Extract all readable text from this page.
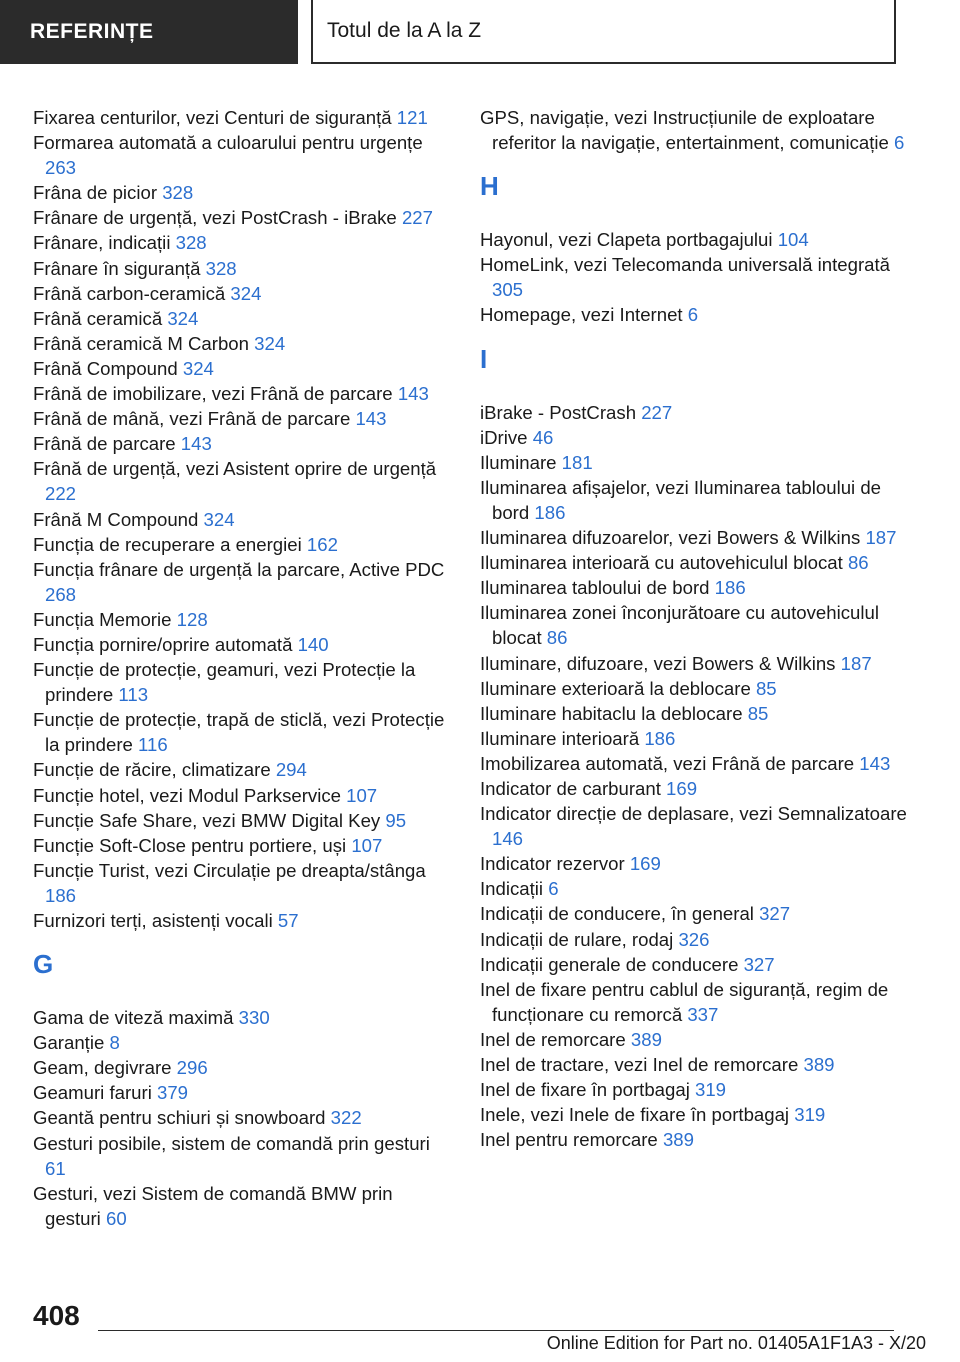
REFERINȚE	Totul de la A la Z
Fixarea centurilor, vezi Centuri de siguranță 121
Formarea automată a culoarului pentru urgențe 263
Frâna de picior 328
Frânare de urgență, vezi PostCrash - iBrake 227
Frânare, indicații 328
Frânare în siguranță 328
Frână carbon-ceramică 324
Frână ceramică 324
Frână ceramică M Carbon 324
Frână Compound 324
Frână de imobilizare, vezi Frână de parcare 143
Frână de mână, vezi Frână de parcare 143
Frână de parcare 143
Frână de urgență, vezi Asistent oprire de urgență 222
Frână M Compound 324
Funcția de recuperare a energiei 162
Funcția frânare de urgență la parcare, Active PDC 268
Funcția Memorie 128
Funcția pornire/oprire automată 140
Funcție de protecție, geamuri, vezi Protecție la prindere 113
Funcție de protecție, trapă de sticlă, vezi Protecție la prindere 116
Funcție de răcire, climatizare 294
Funcție hotel, vezi Modul Parkservice 107
Funcție Safe Share, vezi BMW Digital Key 95
Funcție Soft-Close pentru portiere, uși 107
Funcție Turist, vezi Circulație pe dreapta/stânga 186
Furnizori terți, asistenți vocali 57
G
Gama de viteză maximă 330
Garanție 8
Geam, degivrare 296
Geamuri faruri 379
Geantă pentru schiuri și snowboard 322
Gesturi posibile, sistem de comandă prin gesturi 61
Gesturi, vezi Sistem de comandă BMW prin gesturi 60
GPS, navigație, vezi Instrucțiunile de exploatare referitor la navigație, entertainment, comunicație 6
H
Hayonul, vezi Clapeta portbagajului 104
HomeLink, vezi Telecomanda universală integrată 305
Homepage, vezi Internet 6
I
iBrake - PostCrash 227
iDrive 46
Iluminare 181
Iluminarea afișajelor, vezi Iluminarea tabloului de bord 186
Iluminarea difuzoarelor, vezi Bowers & Wilkins 187
Iluminarea interioară cu autovehiculul blocat 86
Iluminarea tabloului de bord 186
Iluminarea zonei înconjurătoare cu autovehiculul blocat 86
Iluminare, difuzoare, vezi Bowers & Wilkins 187
Iluminare exterioară la deblocare 85
Iluminare habitaclu la deblocare 85
Iluminare interioară 186
Imobilizarea automată, vezi Frână de parcare 143
Indicator de carburant 169
Indicator direcție de deplasare, vezi Semnalizatoare 146
Indicator rezervor 169
Indicații 6
Indicații de conducere, în general 327
Indicații de rulare, rodaj 326
Indicații generale de conducere 327
Inel de fixare pentru cablul de siguranță, regim de funcționare cu remorcă 337
Inel de remorcare 389
Inel de tractare, vezi Inel de remorcare 389
Inel de fixare în portbagaj 319
Inele, vezi Inele de fixare în portbagaj 319
Inel pentru remorcare 389
408
Online Edition for Part no. 01405A1F1A3 - X/20
